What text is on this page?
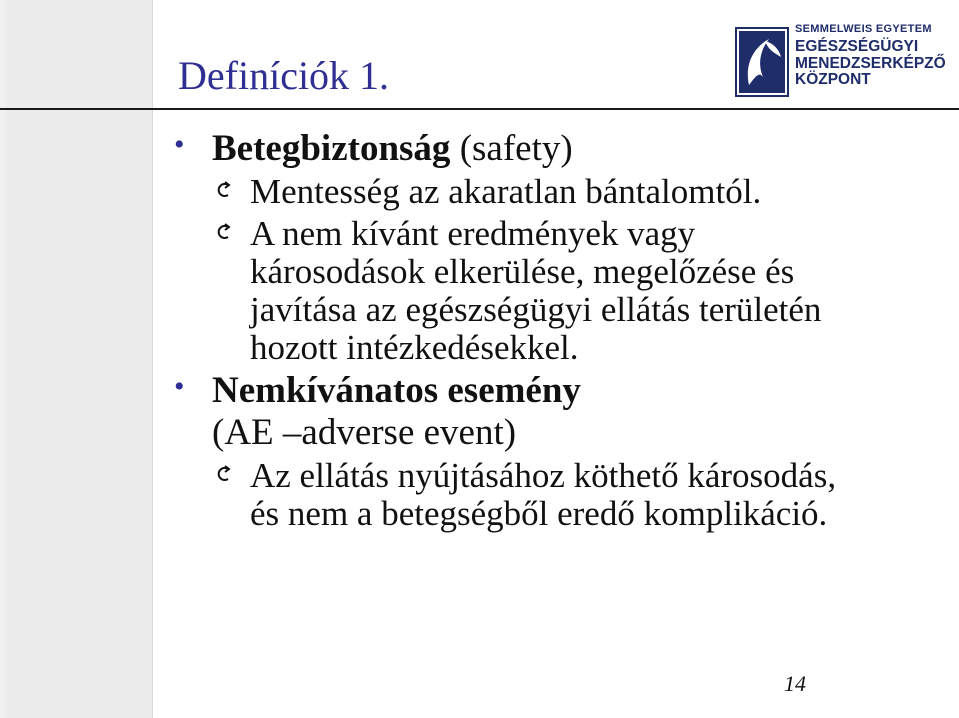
Definíciók 1.
SEMMELWEIS EGYETEM
EGÉSZSÉGÜGYI
MENEDZSERKÉPZŐ
KÖZPONT
• Betegbiztonság (safety)
Mentesség az akaratlan bántalomtól.
A nem kívánt eredmények vagy károsodások elkerülése, megelőzése és javítása az egészségügyi ellátás területén hozott intézkedésekkel.
• Nemkívánatos esemény
(AE –adverse event)
Az ellátás nyújtásához köthető károsodás, és nem a betegségből eredő komplikáció.
14
